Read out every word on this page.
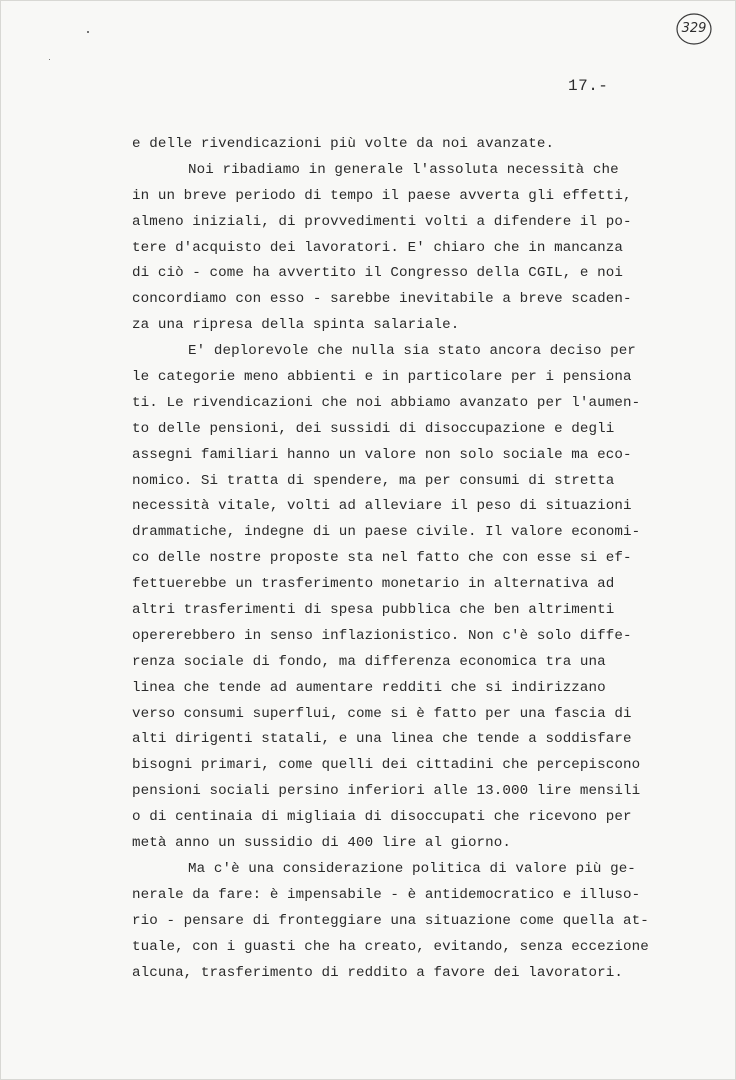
329
17.-
e delle rivendicazioni più volte da noi avanzate.
Noi ribadiamo in generale l'assoluta necessità che
in un breve periodo di tempo il paese avverta gli effetti,
almeno iniziali, di provvedimenti volti a difendere il po-
tere d'acquisto dei lavoratori. E' chiaro che in mancanza
di ciò - come ha avvertito il Congresso della CGIL, e noi
concordiamo con esso - sarebbe inevitabile a breve scaden-
za una ripresa della spinta salariale.
E' deplorevole che nulla sia stato ancora deciso per
le categorie meno abbienti e in particolare per i pensiona
ti. Le rivendicazioni che noi abbiamo avanzato per l'aumen-
to delle pensioni, dei sussidi di disoccupazione e degli
assegni familiari hanno un valore non solo sociale ma eco-
nomico. Si tratta di spendere, ma per consumi di stretta
necessità vitale, volti ad alleviare il peso di situazioni
drammatiche, indegne di un paese civile. Il valore economi-
co delle nostre proposte sta nel fatto che con esse si ef-
fettuerebbe un trasferimento monetario in alternativa ad
altri trasferimenti di spesa pubblica che ben altrimenti
opererebbero in senso inflazionistico. Non c'è solo diffe-
renza sociale di fondo, ma differenza economica tra una
linea che tende ad aumentare redditi che si indirizzano
verso consumi superflui, come si è fatto per una fascia di
alti dirigenti statali, e una linea che tende a soddisfare
bisogni primari, come quelli dei cittadini che percepiscono
pensioni sociali persino inferiori alle 13.000 lire mensili
o di centinaia di migliaia di disoccupati che ricevono per
metà anno un sussidio di 400 lire al giorno.
Ma c'è una considerazione politica di valore più ge-
nerale da fare: è impensabile - è antidemocratico e illuso-
rio - pensare di fronteggiare una situazione come quella at-
tuale, con i guasti che ha creato, evitando, senza eccezione
alcuna, trasferimento di reddito a favore dei lavoratori.
